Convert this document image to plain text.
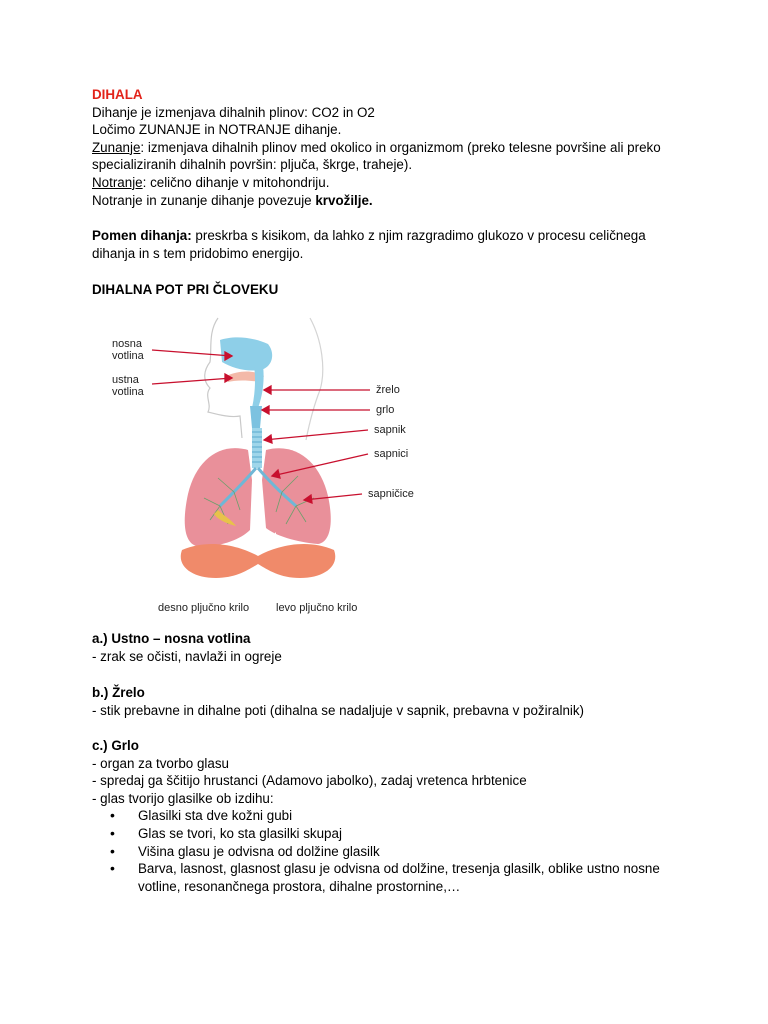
DIHALA

Dihanje je izmenjava dihalnih plinov: CO2 in O2

Ločimo ZUNANJE in NOTRANJE dihanje.

Zunanje: izmenjava dihalnih plinov med okolico in organizmom (preko telesne površine ali preko specializiranih dihalnih površin: pljuča, škrge, traheje).

Notranje: celično dihanje v mitohondriju.

Notranje in zunanje dihanje povezuje krvožilje.

Pomen dihanja: preskrba s kisikom, da lahko z njim razgradimo glukozo v procesu celičnega dihanja in s tem pridobimo energijo.

DIHALNA POT PRI ČLOVEKU

nosna
votlina
ustna
votlina	žrelo
grlo
sapnik
sapnici
sapničice
desno pljučno krilo levo pljučno krilo

a.) Ustno – nosna votlina

- zrak se očisti, navlaži in ogreje

b.) Žrelo

- stik prebavne in dihalne poti (dihalna se nadaljuje v sapnik, prebavna v požiralnik)

c.) Grlo

- organ za tvorbo glasu

- spredaj ga ščitijo hrustanci (Adamovo jabolko), zadaj vretenca hrbtenice

- glas tvorijo glasilke ob izdihu:

• Glasilki sta dve kožni gubi
• Glas se tvori, ko sta glasilki skupaj
• Višina glasu je odvisna od dolžine glasilk
• Barva, lasnost, glasnost glasu je odvisna od dolžine, tresenja glasilk, oblike ustno nosne votline, resonančnega prostora, dihalne prostornine,…
